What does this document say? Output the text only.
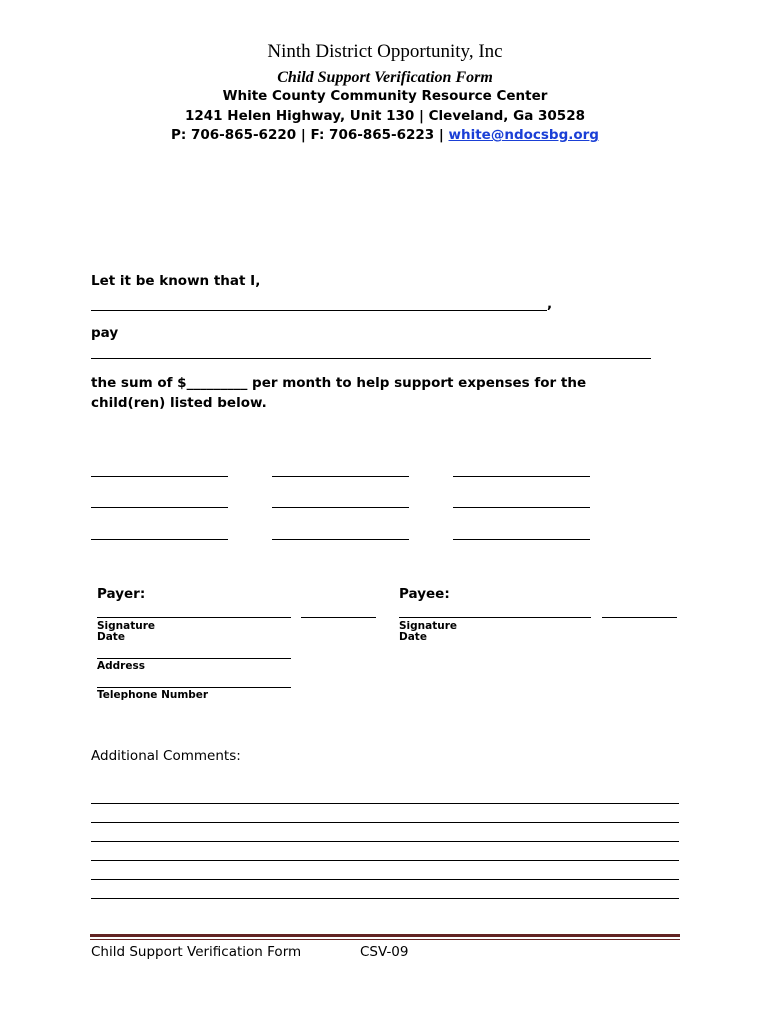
Ninth District Opportunity, Inc
Child Support Verification Form
White County Community Resource Center
1241 Helen Highway, Unit 130 | Cleveland, Ga 30528
P: 706-865-6220 | F: 706-865-6223 | white@ndocsbg.org
Let it be known that I,
,
pay
the sum of $_________ per month to help support expenses for the
child(ren) listed below.
Payer:
Signature
Date
Address
Telephone Number
Payee:
Signature
Date
Additional Comments:
Child Support Verification Form	CSV-09
